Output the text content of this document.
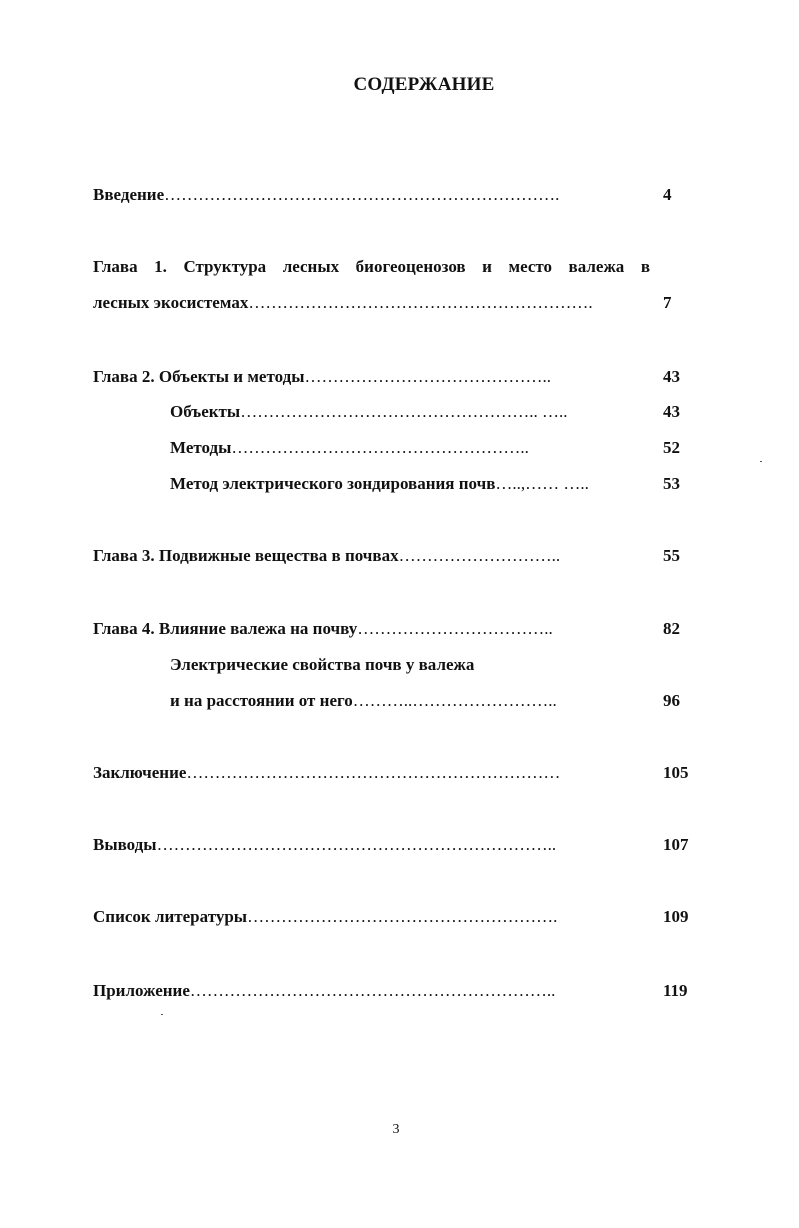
СОДЕРЖАНИЕ
Введение…………………………………………………………….	4
Глава 1. Структура лесных биогеоценозов и место валежа в
лесных экосистемах…………………………………………………….	7
Глава 2. Объекты и методы……………………………………..	43
Объекты…………………………………………….. …..	43
Методы……………………………………………..	52
Метод электрического зондирования почв…..,…… …..	53
Глава 3. Подвижные вещества в почвах………………………..	55
Глава 4. Влияние валежа на почву……………………………..	82
Электрические свойства почв у валежа
и на расстоянии от него………..……………………..	96
Заключение…………………………………………………………	105
Выводы……………………………………………………………..	107
Список литературы……………………………………………….	109
Приложение………………………………………………………..	119
3
